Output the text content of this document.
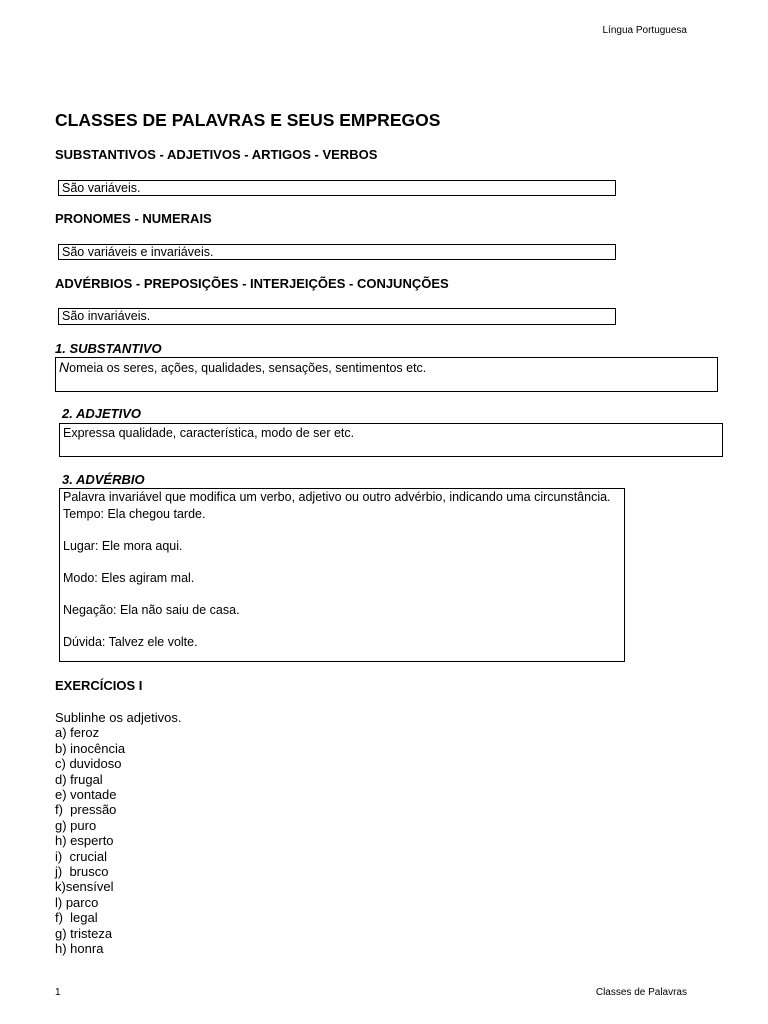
Língua Portuguesa
CLASSES DE PALAVRAS E SEUS EMPREGOS
SUBSTANTIVOS - ADJETIVOS - ARTIGOS - VERBOS
São variáveis.
PRONOMES - NUMERAIS
São variáveis e invariáveis.
ADVÉRBIOS - PREPOSIÇÕES - INTERJEIÇÕES - CONJUNÇÕES
São invariáveis.
1. SUBSTANTIVO
Nomeia os seres, ações, qualidades, sensações, sentimentos etc.
2. ADJETIVO
Expressa qualidade, característica, modo de ser etc.
3. ADVÉRBIO
Palavra invariável que modifica um verbo, adjetivo ou outro advérbio, indicando uma circunstância.
Tempo: Ela chegou tarde.
Lugar: Ele mora aqui.
Modo: Eles agiram mal.
Negação: Ela não saiu de casa.
Dúvida: Talvez ele volte.
EXERCÍCIOS I
Sublinhe os adjetivos.
a) feroz
b) inocência
c) duvidoso
d) frugal
e) vontade
f)  pressão
g) puro
h) esperto
i)  crucial
j)  brusco
k)sensível
l) parco
f)  legal
g) tristeza
h) honra
1	Classes de Palavras
